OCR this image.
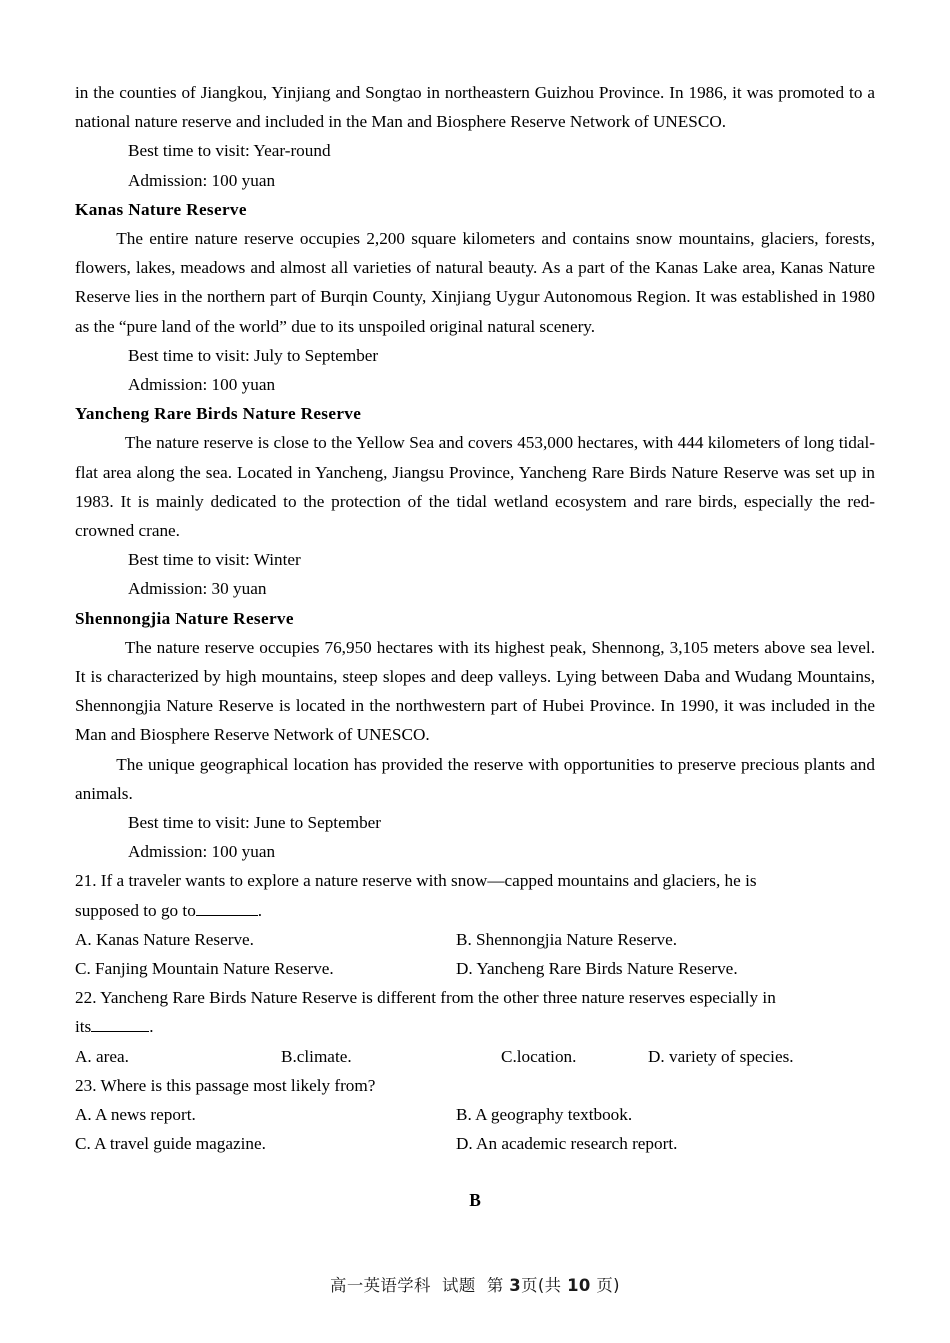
in the counties of Jiangkou, Yinjiang and Songtao in northeastern Guizhou Province. In 1986, it was promoted to a national nature reserve and included in the Man and Biosphere Reserve Network of UNESCO.

Best time to visit: Year-round
Admission: 100 yuan
Kanas Nature Reserve

The entire nature reserve occupies 2,200 square kilometers and contains snow mountains, glaciers, forests, flowers, lakes, meadows and almost all varieties of natural beauty. As a part of the Kanas Lake area, Kanas Nature Reserve lies in the northern part of Burqin County, Xinjiang Uygur Autonomous Region. It was established in 1980 as the “pure land of the world” due to its unspoiled original natural scenery.

Best time to visit: July to September
Admission: 100 yuan
Yancheng Rare Birds Nature Reserve

The nature reserve is close to the Yellow Sea and covers 453,000 hectares, with 444 kilometers of long tidal-flat area along the sea. Located in Yancheng, Jiangsu Province, Yancheng Rare Birds Nature Reserve was set up in 1983. It is mainly dedicated to the protection of the tidal wetland ecosystem and rare birds, especially the red-crowned crane.

Best time to visit: Winter
Admission: 30 yuan
Shennongjia Nature Reserve

The nature reserve occupies 76,950 hectares with its highest peak, Shennong, 3,105 meters above sea level. It is characterized by high mountains, steep slopes and deep valleys. Lying between Daba and Wudang Mountains, Shennongjia Nature Reserve is located in the northwestern part of Hubei Province. In 1990, it was included in the Man and Biosphere Reserve Network of UNESCO.

The unique geographical location has provided the reserve with opportunities to preserve precious plants and animals.

Best time to visit: June to September
Admission: 100 yuan
21. If a traveler wants to explore a nature reserve with snow—capped mountains and glaciers, he is
supposed to go to	.
A. Kanas Nature Reserve.	B. Shennongjia Nature Reserve.
C. Fanjing Mountain Nature Reserve.	D. Yancheng Rare Birds Nature Reserve.
22. Yancheng Rare Birds Nature Reserve is different from the other three nature reserves especially in
its	.
A. area.	B.climate.	C.location.	D. variety of species.
23. Where is this passage most likely from?
A. A news report.	B. A geography textbook.
C. A travel guide magazine.	D. An academic research report.
B
高一英语学科 试题 第 3页(共 10 页)
